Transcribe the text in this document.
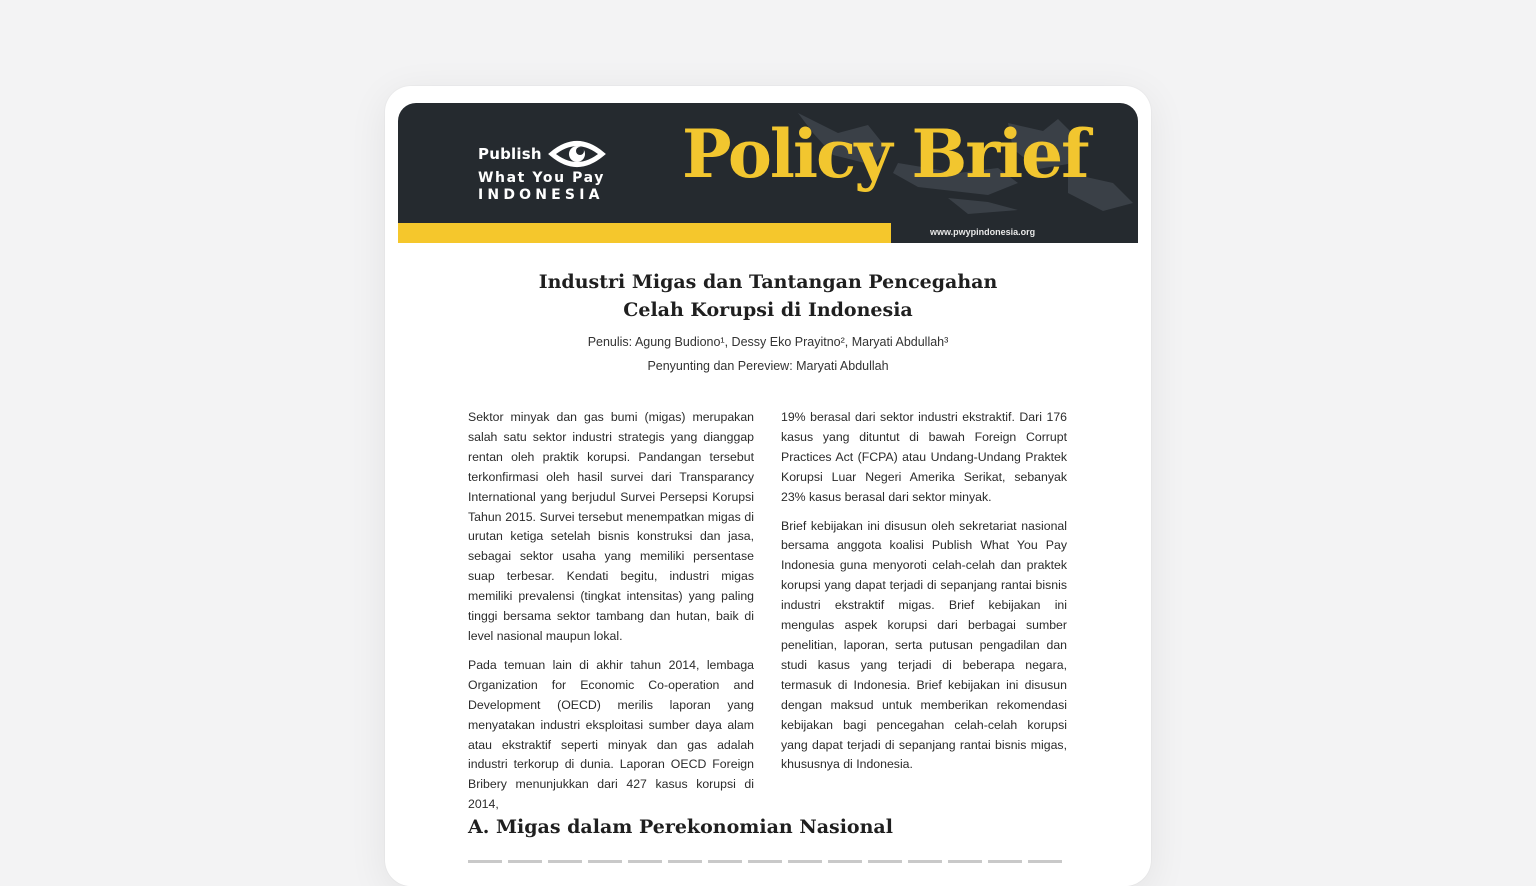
Publish
What You Pay
INDONESIA
Policy Brief
www.pwypindonesia.org
Industri Migas dan Tantangan Pencegahan
Celah Korupsi di Indonesia
Penulis: Agung Budiono¹, Dessy Eko Prayitno², Maryati Abdullah³
Penyunting dan Pereview: Maryati Abdullah

Sektor minyak dan gas bumi (migas) merupakan salah satu sektor industri strategis yang dianggap rentan oleh praktik korupsi. Pandangan tersebut terkonfirmasi oleh hasil survei dari Transparancy International yang berjudul Survei Persepsi Korupsi Tahun 2015. Survei tersebut menempatkan migas di urutan ketiga setelah bisnis konstruksi dan jasa, sebagai sektor usaha yang memiliki persentase suap terbesar. Kendati begitu, industri migas memiliki prevalensi (tingkat intensitas) yang paling tinggi bersama sektor tambang dan hutan, baik di level nasional maupun lokal.

Pada temuan lain di akhir tahun 2014, lembaga Organization for Economic Co-operation and Development (OECD) merilis laporan yang menyatakan industri eksploitasi sumber daya alam atau ekstraktif seperti minyak dan gas adalah industri terkorup di dunia. Laporan OECD Foreign Bribery menunjukkan dari 427 kasus korupsi di 2014,

19% berasal dari sektor industri ekstraktif. Dari 176 kasus yang dituntut di bawah Foreign Corrupt Practices Act (FCPA) atau Undang-Undang Praktek Korupsi Luar Negeri Amerika Serikat, sebanyak 23% kasus berasal dari sektor minyak.

Brief kebijakan ini disusun oleh sekretariat nasional bersama anggota koalisi Publish What You Pay Indonesia guna menyoroti celah-celah dan praktek korupsi yang dapat terjadi di sepanjang rantai bisnis industri ekstraktif migas. Brief kebijakan ini mengulas aspek korupsi dari berbagai sumber penelitian, laporan, serta putusan pengadilan dan studi kasus yang terjadi di beberapa negara, termasuk di Indonesia. Brief kebijakan ini disusun dengan maksud untuk memberikan rekomendasi kebijakan bagi pencegahan celah-celah korupsi yang dapat terjadi di sepanjang rantai bisnis migas, khususnya di Indonesia.

A. Migas dalam Perekonomian Nasional
